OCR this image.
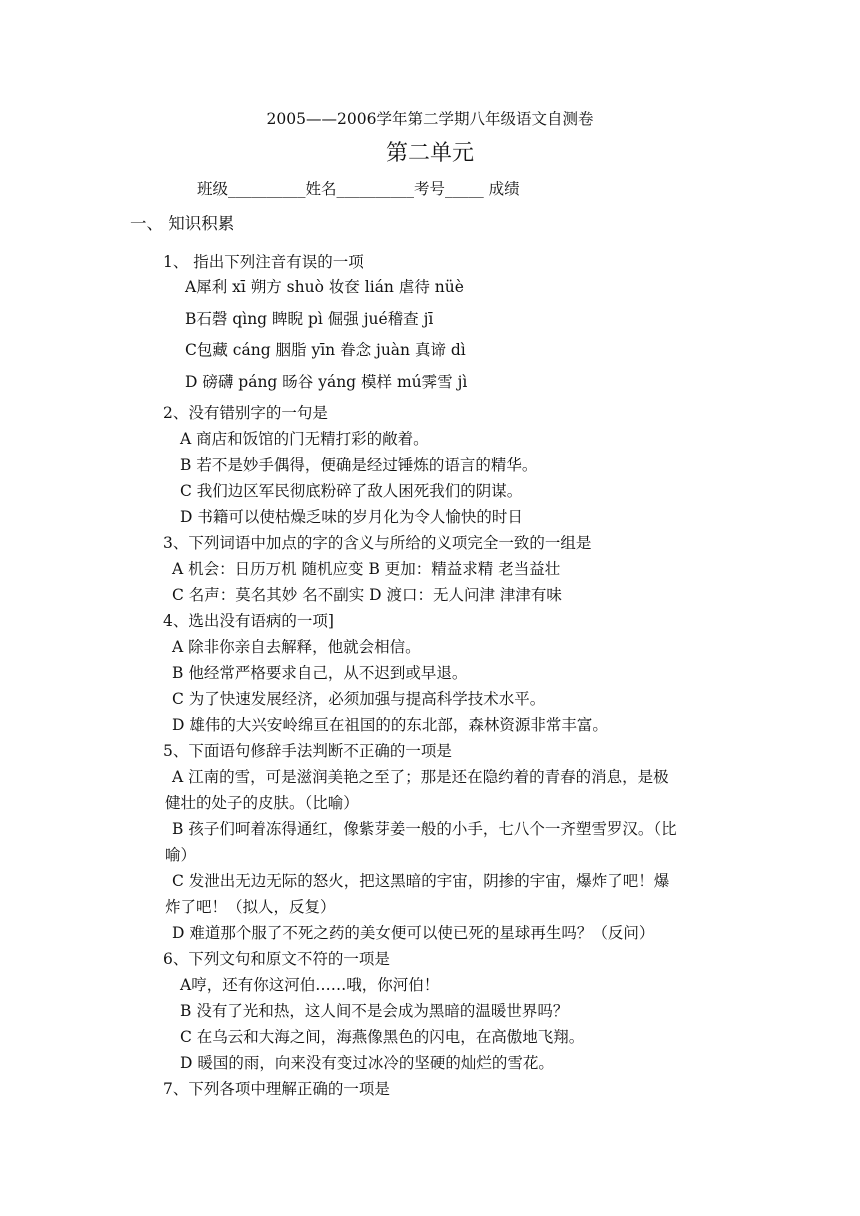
2005——2006学年第二学期八年级语文自测卷
第二单元
班级__________姓名__________考号_____ 成绩
一、 知识积累
1、 指出下列注音有误的一项
A犀利 xī 朔方 shuò 妆奁 lián 虐待 nüè
B石磬 qìng 睥睨 pì 倔强 jué稽查 jī
C包藏 cáng 胭脂 yīn 眷念 juàn 真谛 dì
D 磅礴 páng 旸谷 yáng 模样 mú霁雪 jì
2、没有错别字的一句是
A 商店和饭馆的门无精打彩的敞着。
B 若不是妙手偶得，便确是经过锤炼的语言的精华。
C 我们边区军民彻底粉碎了敌人困死我们的阴谋。
D 书籍可以使枯燥乏味的岁月化为令人愉快的时日
3、下列词语中加点的字的含义与所给的义项完全一致的一组是
A 机会：日历万机 随机应变 B 更加：精益求精 老当益壮
C 名声：莫名其妙 名不副实 D 渡口：无人问津 津津有味
4、选出没有语病的一项]
A 除非你亲自去解释，他就会相信。
B 他经常严格要求自己，从不迟到或早退。
C 为了快速发展经济，必须加强与提高科学技术水平。
D 雄伟的大兴安岭绵亘在祖国的的东北部，森林资源非常丰富。
5、下面语句修辞手法判断不正确的一项是
A 江南的雪，可是滋润美艳之至了；那是还在隐约着的青春的消息，是极
健壮的处子的皮肤。（比喻）
B 孩子们呵着冻得通红，像紫芽姜一般的小手，七八个一齐塑雪罗汉。（比
喻）
C 发泄出无边无际的怒火，把这黑暗的宇宙，阴掺的宇宙，爆炸了吧！爆
炸了吧！（拟人，反复）
D 难道那个服了不死之药的美女便可以使已死的星球再生吗？（反问）
6、下列文句和原文不符的一项是
A哼，还有你这河伯……哦，你河伯！
B 没有了光和热，这人间不是会成为黑暗的温暖世界吗？
C 在乌云和大海之间，海燕像黑色的闪电，在高傲地飞翔。
D 暖国的雨，向来没有变过冰冷的坚硬的灿烂的雪花。
7、下列各项中理解正确的一项是
